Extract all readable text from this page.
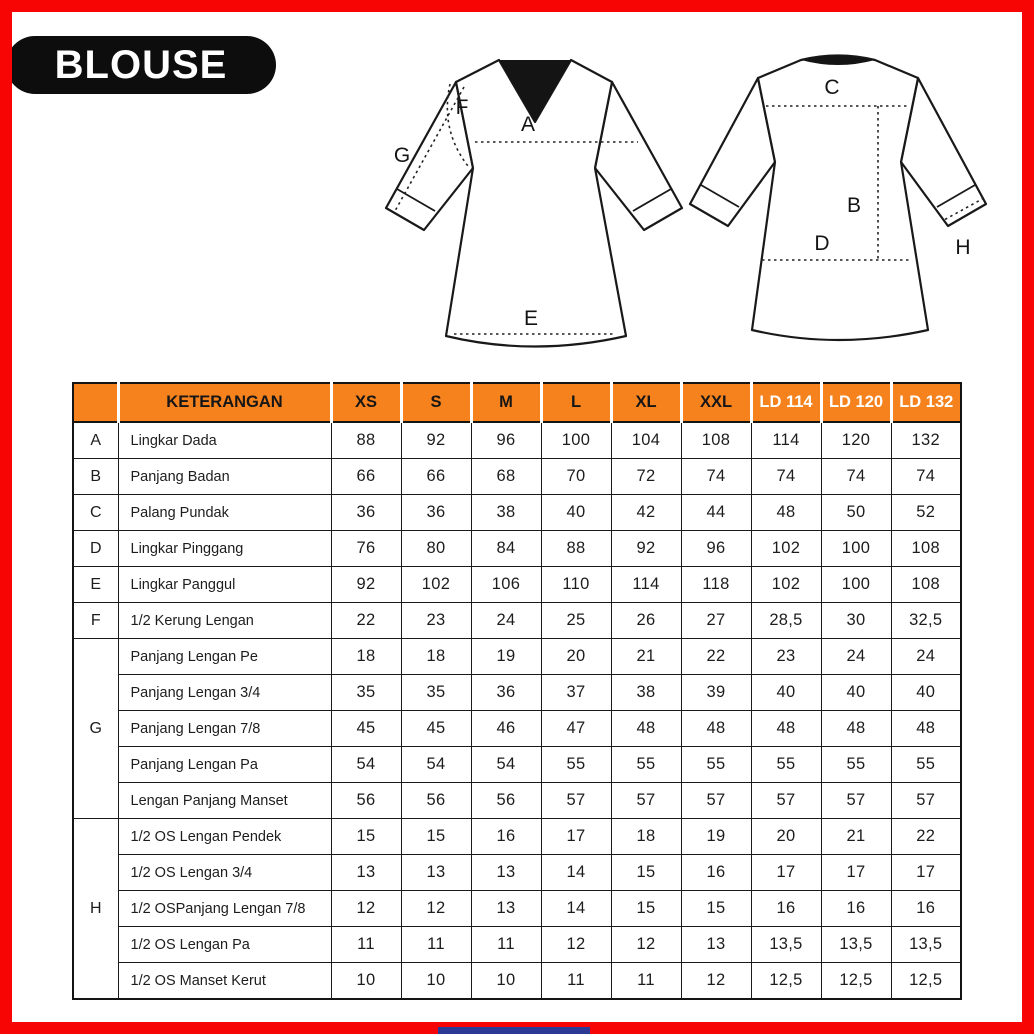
BLOUSE
A
F
G
E
C
B
D	H
	KETERANGAN	XS	S	M	L	XL	XXL	LD 114	LD 120	LD 132
A	Lingkar Dada	88	92	96	100	104	108	114	120	132
B	Panjang Badan	66	66	68	70	72	74	74	74	74
C	Palang Pundak	36	36	38	40	42	44	48	50	52
D	Lingkar Pinggang	76	80	84	88	92	96	102	100	108
E	Lingkar Panggul	92	102	106	110	114	118	102	100	108
F	1/2 Kerung Lengan	22	23	24	25	26	27	28,5	30	32,5
G	Panjang Lengan Pe	18	18	19	20	21	22	23	24	24
	Panjang Lengan 3/4	35	35	36	37	38	39	40	40	40
	Panjang Lengan 7/8	45	45	46	47	48	48	48	48	48
	Panjang Lengan Pa	54	54	54	55	55	55	55	55	55
	Lengan Panjang Manset	56	56	56	57	57	57	57	57	57
H	1/2 OS Lengan Pendek	15	15	16	17	18	19	20	21	22
	1/2 OS Lengan 3/4	13	13	13	14	15	16	17	17	17
	1/2 OSPanjang Lengan 7/8	12	12	13	14	15	15	16	16	16
	1/2 OS Lengan Pa	11	11	11	12	12	13	13,5	13,5	13,5
	1/2 OS Manset Kerut	10	10	10	11	11	12	12,5	12,5	12,5
